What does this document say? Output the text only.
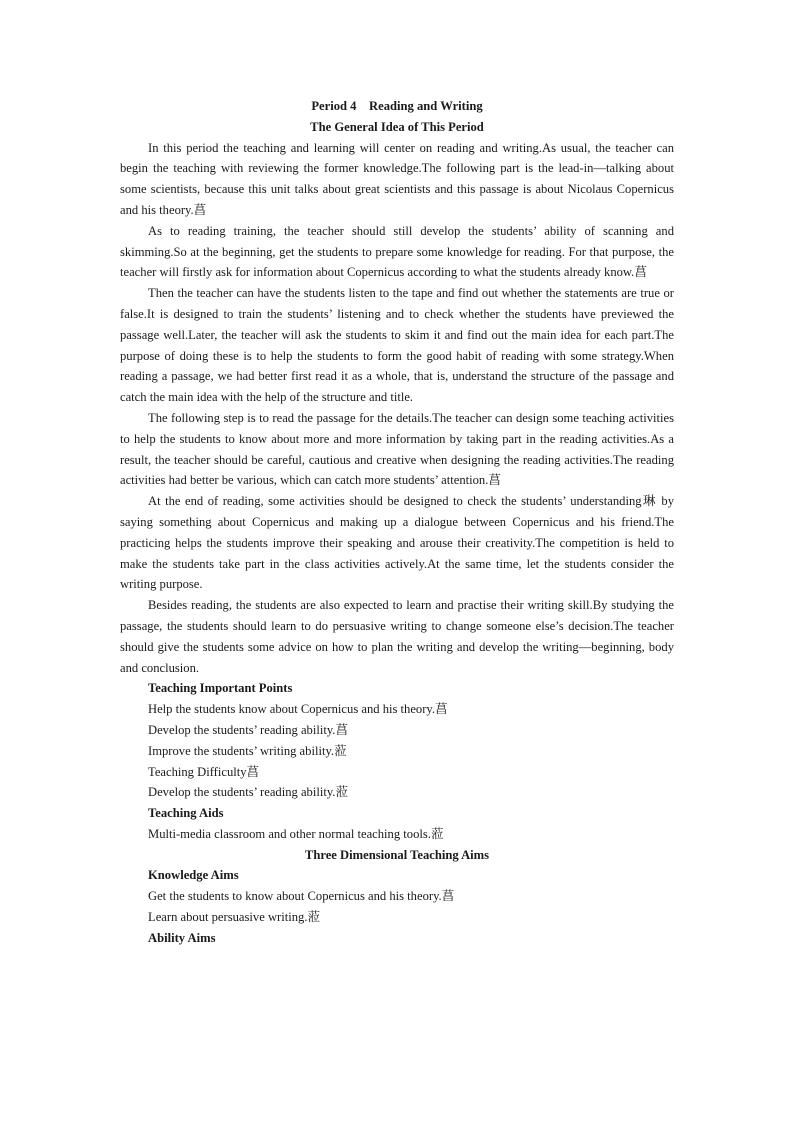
Period 4　Reading and Writing

The General Idea of This Period

In this period the teaching and learning will center on reading and writing.As usual, the teacher can begin the teaching with reviewing the former knowledge.The following part is the lead-in—talking about some scientists, because this unit talks about great scientists and this passage is about Nicolaus Copernicus and his theory.菖

As to reading training, the teacher should still develop the students’ ability of scanning and skimming.So at the beginning, get the students to prepare some knowledge for reading. For that purpose, the teacher will firstly ask for information about Copernicus according to what the students already know.菖

Then the teacher can have the students listen to the tape and find out whether the statements are true or false.It is designed to train the students’ listening and to check whether the students have previewed the passage well.Later, the teacher will ask the students to skim it and find out the main idea for each part.The purpose of doing these is to help the students to form the good habit of reading with some strategy.When reading a passage, we had better first read it as a whole, that is, understand the structure of the passage and catch the main idea with the help of the structure and title.

The following step is to read the passage for the details.The teacher can design some teaching activities to help the students to know about more and more information by taking part in the reading activities.As a result, the teacher should be careful, cautious and creative when designing the reading activities.The reading activities had better be various, which can catch more students’ attention.菖

At the end of reading, some activities should be designed to check the students’ understanding琳 by saying something about Copernicus and making up a dialogue between Copernicus and his friend.The practicing helps the students improve their speaking and arouse their creativity.The competition is held to make the students take part in the class activities actively.At the same time, let the students consider the writing purpose.

Besides reading, the students are also expected to learn and practise their writing skill.By studying the passage, the students should learn to do persuasive writing to change someone else’s decision.The teacher should give the students some advice on how to plan the writing and develop the writing—beginning, body and conclusion.

Teaching Important Points

Help the students know about Copernicus and his theory.菖

Develop the students’ reading ability.菖

Improve the students’ writing ability.蒞

Teaching Difficulty菖

Develop the students’ reading ability.蒞

Teaching Aids

Multi-media classroom and other normal teaching tools.蒞

Three Dimensional Teaching Aims

Knowledge Aims

Get the students to know about Copernicus and his theory.菖

Learn about persuasive writing.蒞

Ability Aims
